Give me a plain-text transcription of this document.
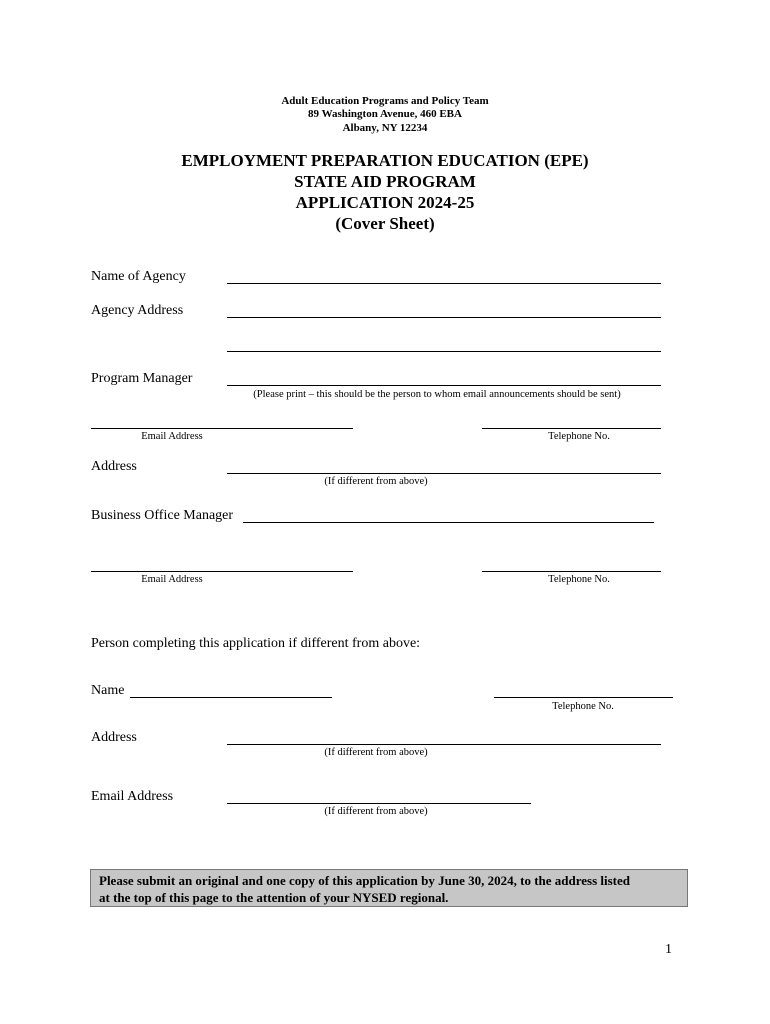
Adult Education Programs and Policy Team
89 Washington Avenue, 460 EBA
Albany, NY 12234
EMPLOYMENT PREPARATION EDUCATION (EPE)
STATE AID PROGRAM
APPLICATION 2024-25
(Cover Sheet)
Name of Agency
Agency Address
Program Manager
(Please print – this should be the person to whom email announcements should be sent)
Email Address	Telephone No.
Address
(If different from above)
Business Office Manager
Email Address	Telephone No.
Person completing this application if different from above:
Name
Telephone No.
Address
(If different from above)
Email Address
(If different from above)
Please submit an original and one copy of this application by June 30, 2024, to the address listed
at the top of this page to the attention of your NYSED regional.
1
